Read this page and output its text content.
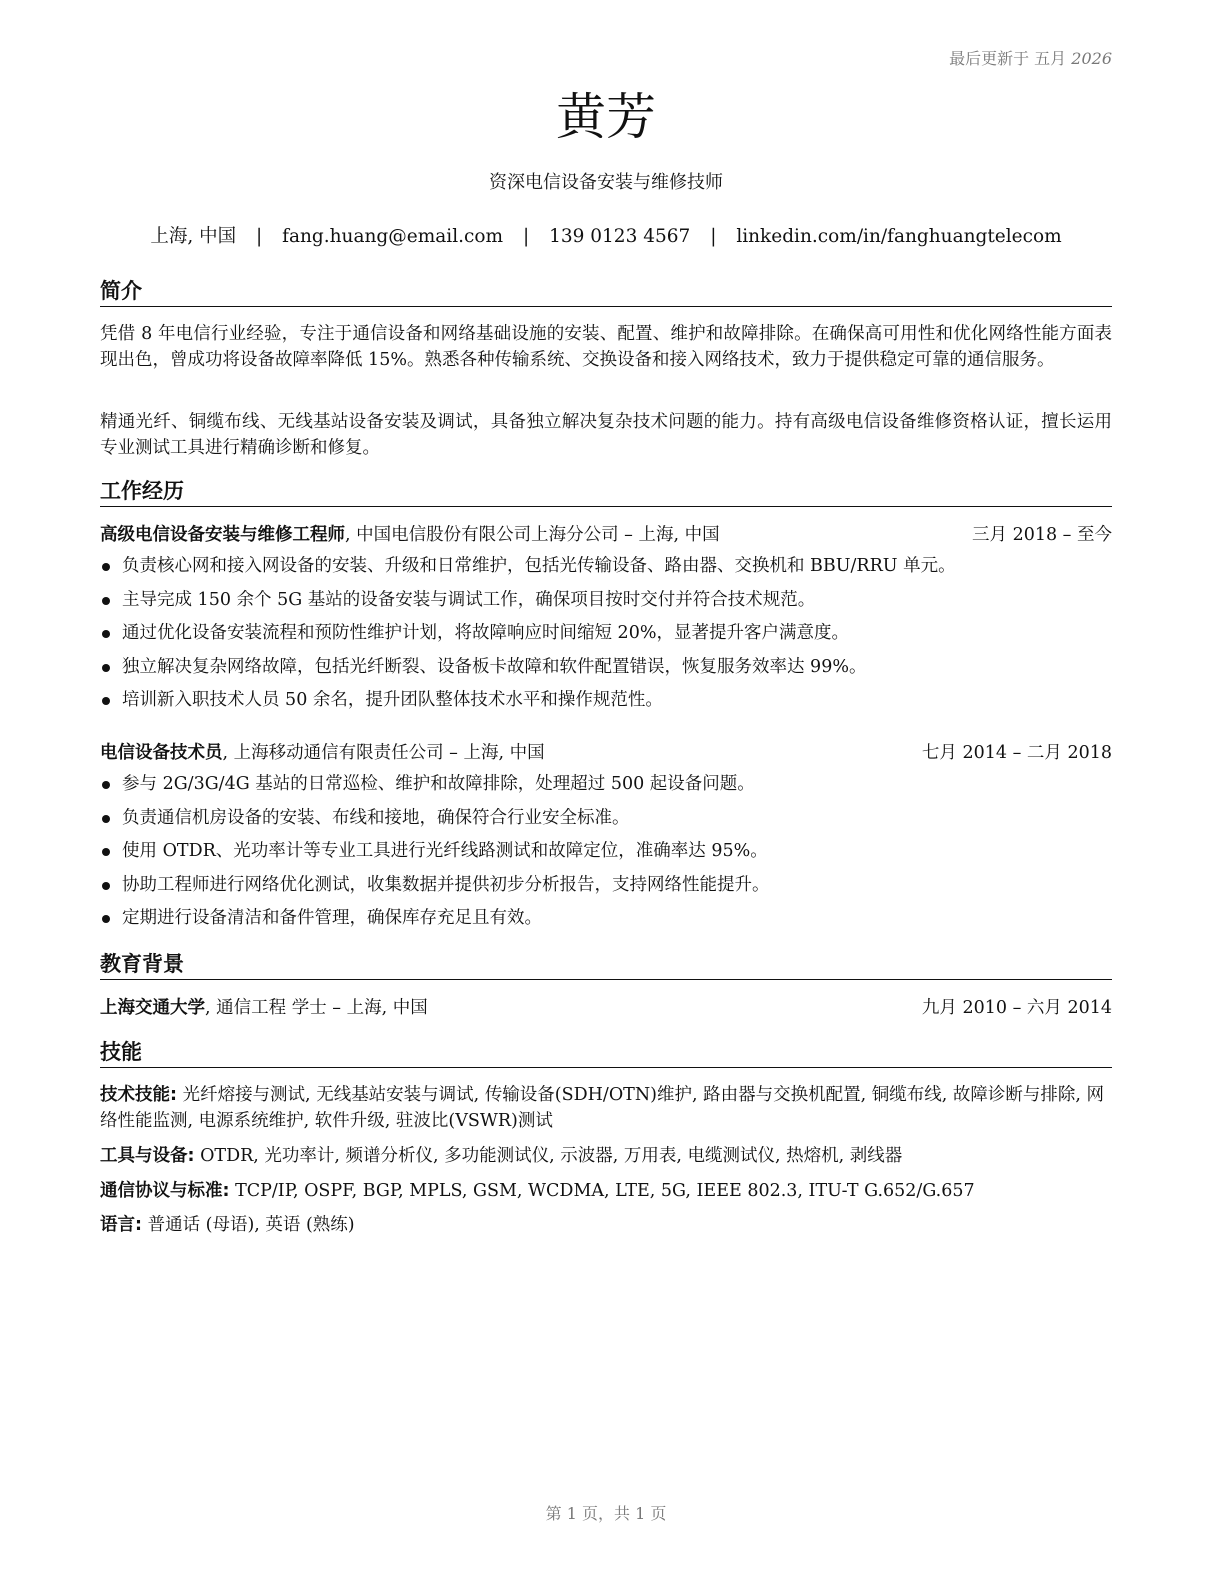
最后更新于 五月 2026
黄芳
资深电信设备安装与维修技师
上海, 中国 | fang.huang@email.com | 139 0123 4567 | linkedin.com/in/fanghuangtelecom
简介
凭借 8 年电信行业经验，专注于通信设备和网络基础设施的安装、配置、维护和故障排除。在确保高可用性和优化网络性能方面表现出色，曾成功将设备故障率降低 15%。熟悉各种传输系统、交换设备和接入网络技术，致力于提供稳定可靠的通信服务。
精通光纤、铜缆布线、无线基站设备安装及调试，具备独立解决复杂技术问题的能力。持有高级电信设备维修资格认证，擅长运用专业测试工具进行精确诊断和修复。
工作经历
高级电信设备安装与维修工程师, 中国电信股份有限公司上海分公司 – 上海, 中国	三月 2018 – 至今
负责核心网和接入网设备的安装、升级和日常维护，包括光传输设备、路由器、交换机和 BBU/RRU 单元。
主导完成 150 余个 5G 基站的设备安装与调试工作，确保项目按时交付并符合技术规范。
通过优化设备安装流程和预防性维护计划，将故障响应时间缩短 20%，显著提升客户满意度。
独立解决复杂网络故障，包括光纤断裂、设备板卡故障和软件配置错误，恢复服务效率达 99%。
培训新入职技术人员 50 余名，提升团队整体技术水平和操作规范性。
电信设备技术员, 上海移动通信有限责任公司 – 上海, 中国	七月 2014 – 二月 2018
参与 2G/3G/4G 基站的日常巡检、维护和故障排除，处理超过 500 起设备问题。
负责通信机房设备的安装、布线和接地，确保符合行业安全标准。
使用 OTDR、光功率计等专业工具进行光纤线路测试和故障定位，准确率达 95%。
协助工程师进行网络优化测试，收集数据并提供初步分析报告，支持网络性能提升。
定期进行设备清洁和备件管理，确保库存充足且有效。
教育背景
上海交通大学, 通信工程 学士 – 上海, 中国	九月 2010 – 六月 2014
技能
技术技能: 光纤熔接与测试, 无线基站安装与调试, 传输设备(SDH/OTN)维护, 路由器与交换机配置, 铜缆布线, 故障诊断与排除, 网络性能监测, 电源系统维护, 软件升级, 驻波比(VSWR)测试
工具与设备: OTDR, 光功率计, 频谱分析仪, 多功能测试仪, 示波器, 万用表, 电缆测试仪, 热熔机, 剥线器
通信协议与标准: TCP/IP, OSPF, BGP, MPLS, GSM, WCDMA, LTE, 5G, IEEE 802.3, ITU-T G.652/G.657
语言: 普通话 (母语), 英语 (熟练)
第 1 页，共 1 页
